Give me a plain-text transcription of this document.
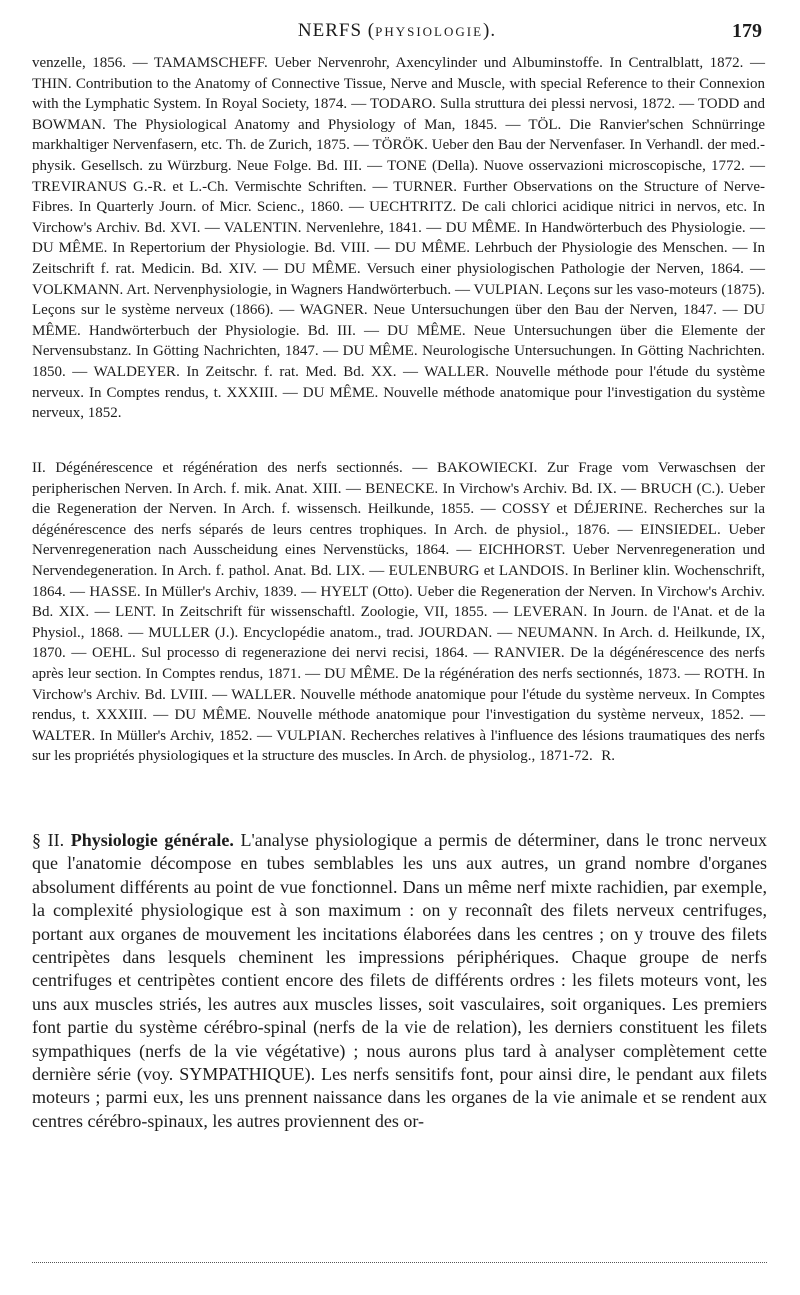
NERFS (PHYSIOLOGIE).	179

venzelle, 1856. — TAMAMSCHEFF. Ueber Nervenrohr, Axencylinder und Albuminstoffe. In Centralblatt, 1872. — THIN. Contribution to the Anatomy of Connective Tissue, Nerve and Muscle, with special Reference to their Connexion with the Lymphatic System. In Royal Society, 1874. — TODARO. Sulla struttura dei plessi nervosi, 1872. — TODD and BOWMAN. The Physiological Anatomy and Physiology of Man, 1845. — TÖL. Die Ranvier'schen Schnürringe markhaltiger Nervenfasern, etc. Th. de Zurich, 1875. — TÖRÖK. Ueber den Bau der Nervenfaser. In Verhandl. der med.-physik. Gesellsch. zu Würzburg. Neue Folge. Bd. III. — TONE (Della). Nuove osservazioni microscopische, 1772. — TREVIRANUS G.-R. et L.-Ch. Vermischte Schriften. — TURNER. Further Observations on the Structure of Nerve-Fibres. In Quarterly Journ. of Micr. Scienc., 1860. — UECHTRITZ. De cali chlorici acidique nitrici in nervos, etc. In Virchow's Archiv. Bd. XVI. — VALENTIN. Nervenlehre, 1841. — DU MÊME. In Handwörterbuch des Physiologie. — DU MÊME. In Repertorium der Physiologie. Bd. VIII. — DU MÊME. Lehrbuch der Physiologie des Menschen. — In Zeitschrift f. rat. Medicin. Bd. XIV. — DU MÊME. Versuch einer physiologischen Pathologie der Nerven, 1864. — VOLKMANN. Art. Nervenphysiologie, in Wagners Handwörterbuch. — VULPIAN. Leçons sur les vaso-moteurs (1875). Leçons sur le système nerveux (1866). — WAGNER. Neue Untersuchungen über den Bau der Nerven, 1847. — DU MÊME. Handwörterbuch der Physiologie. Bd. III. — DU MÊME. Neue Untersuchungen über die Elemente der Nervensubstanz. In Götting Nachrichten, 1847. — DU MÊME. Neurologische Untersuchungen. In Götting Nachrichten. 1850. — WALDEYER. In Zeitschr. f. rat. Med. Bd. XX. — WALLER. Nouvelle méthode pour l'étude du système nerveux. In Comptes rendus, t. XXXIII. — DU MÊME. Nouvelle méthode anatomique pour l'investigation du système nerveux, 1852.

II. Dégénérescence et régénération des nerfs sectionnés. — BAKOWIECKI. Zur Frage vom Verwaschsen der peripherischen Nerven. In Arch. f. mik. Anat. XIII. — BENECKE. In Virchow's Archiv. Bd. IX. — BRUCH (C.). Ueber die Regeneration der Nerven. In Arch. f. wissensch. Heilkunde, 1855. — COSSY et DÉJERINE. Recherches sur la dégénérescence des nerfs séparés de leurs centres trophiques. In Arch. de physiol., 1876. — EINSIEDEL. Ueber Nervenregeneration nach Ausscheidung eines Nervenstücks, 1864. — EICHHORST. Ueber Nervenregeneration und Nervendegeneration. In Arch. f. pathol. Anat. Bd. LIX. — EULENBURG et LANDOIS. In Berliner klin. Wochenschrift, 1864. — HASSE. In Müller's Archiv, 1839. — HYELT (Otto). Ueber die Regeneration der Nerven. In Virchow's Archiv. Bd. XIX. — LENT. In Zeitschrift für wissenschaftl. Zoologie, VII, 1855. — LEVERAN. In Journ. de l'Anat. et de la Physiol., 1868. — MULLER (J.). Encyclopédie anatom., trad. JOURDAN. — NEUMANN. In Arch. d. Heilkunde, IX, 1870. — OEHL. Sul processo di regenerazione dei nervi recisi, 1864. — RANVIER. De la dégénérescence des nerfs après leur section. In Comptes rendus, 1871. — DU MÊME. De la régénération des nerfs sectionnés, 1873. — ROTH. In Virchow's Archiv. Bd. LVIII. — WALLER. Nouvelle méthode anatomique pour l'étude du système nerveux. In Comptes rendus, t. XXXIII. — DU MÊME. Nouvelle méthode anatomique pour l'investigation du système nerveux, 1852. — WALTER. In Müller's Archiv, 1852. — VULPIAN. Recherches relatives à l'influence des lésions traumatiques des nerfs sur les propriétés physiologiques et la structure des muscles. In Arch. de physiolog., 1871-72. R.

§ II. Physiologie générale. L'analyse physiologique a permis de déterminer, dans le tronc nerveux que l'anatomie décompose en tubes semblables les uns aux autres, un grand nombre d'organes absolument différents au point de vue fonctionnel. Dans un même nerf mixte rachidien, par exemple, la complexité physiologique est à son maximum : on y reconnaît des filets nerveux centrifuges, portant aux organes de mouvement les incitations élaborées dans les centres ; on y trouve des filets centripètes dans lesquels cheminent les impressions périphériques. Chaque groupe de nerfs centrifuges et centripètes contient encore des filets de différents ordres : les filets moteurs vont, les uns aux muscles striés, les autres aux muscles lisses, soit vasculaires, soit organiques. Les premiers font partie du système cérébro-spinal (nerfs de la vie de relation), les derniers constituent les filets sympathiques (nerfs de la vie végétative) ; nous aurons plus tard à analyser complètement cette dernière série (voy. SYMPATHIQUE). Les nerfs sensitifs font, pour ainsi dire, le pendant aux filets moteurs ; parmi eux, les uns prennent naissance dans les organes de la vie animale et se rendent aux centres cérébro-spinaux, les autres proviennent des or-
